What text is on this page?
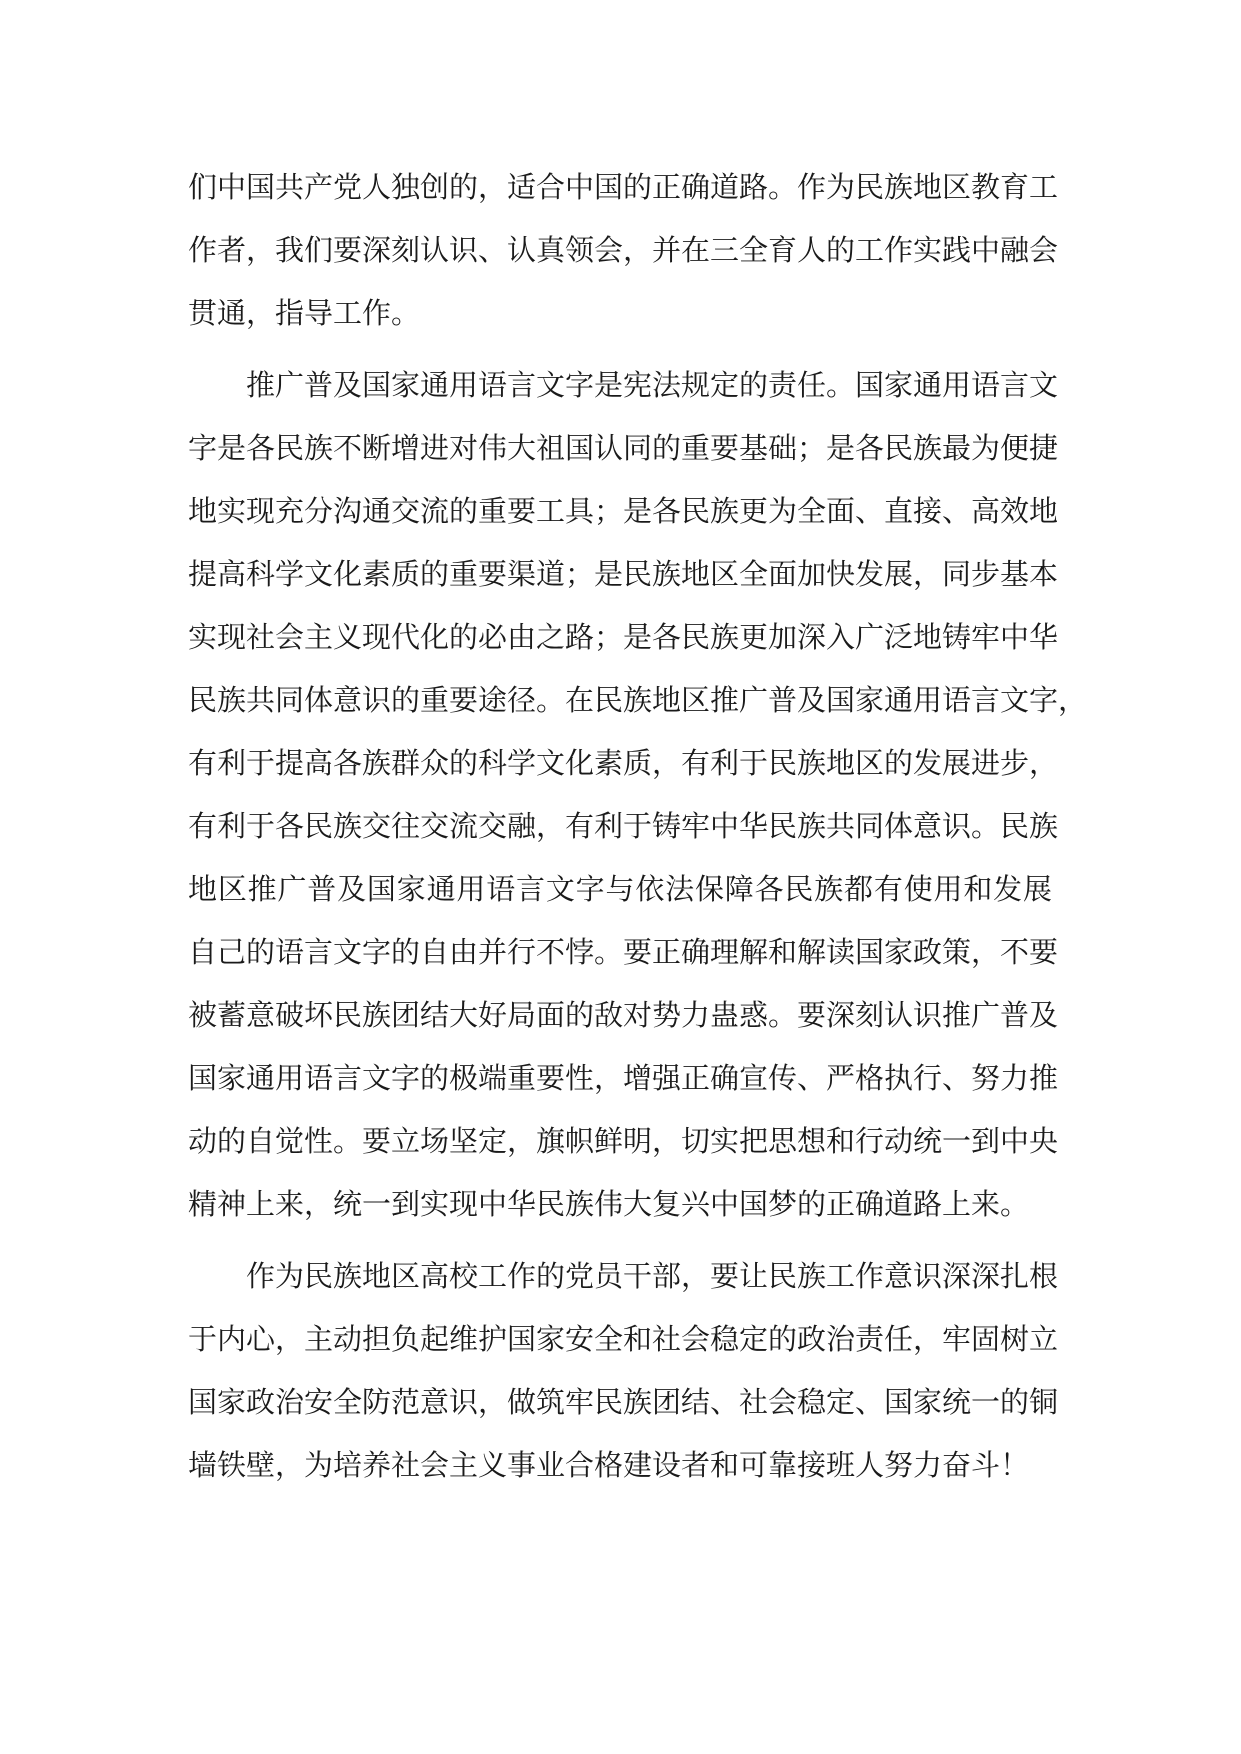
们中国共产党人独创的，适合中国的正确道路。作为民族地区教育工
作者，我们要深刻认识、认真领会，并在三全育人的工作实践中融会
贯通，指导工作。
推广普及国家通用语言文字是宪法规定的责任。国家通用语言文
字是各民族不断增进对伟大祖国认同的重要基础；是各民族最为便捷
地实现充分沟通交流的重要工具；是各民族更为全面、直接、高效地
提高科学文化素质的重要渠道；是民族地区全面加快发展，同步基本
实现社会主义现代化的必由之路；是各民族更加深入广泛地铸牢中华
民族共同体意识的重要途径。在民族地区推广普及国家通用语言文字，
有利于提高各族群众的科学文化素质，有利于民族地区的发展进步，
有利于各民族交往交流交融，有利于铸牢中华民族共同体意识。民族
地区推广普及国家通用语言文字与依法保障各民族都有使用和发展
自己的语言文字的自由并行不悖。要正确理解和解读国家政策，不要
被蓄意破坏民族团结大好局面的敌对势力蛊惑。要深刻认识推广普及
国家通用语言文字的极端重要性，增强正确宣传、严格执行、努力推
动的自觉性。要立场坚定，旗帜鲜明，切实把思想和行动统一到中央
精神上来，统一到实现中华民族伟大复兴中国梦的正确道路上来。
作为民族地区高校工作的党员干部，要让民族工作意识深深扎根
于内心，主动担负起维护国家安全和社会稳定的政治责任，牢固树立
国家政治安全防范意识，做筑牢民族团结、社会稳定、国家统一的铜
墙铁壁，为培养社会主义事业合格建设者和可靠接班人努力奋斗！
